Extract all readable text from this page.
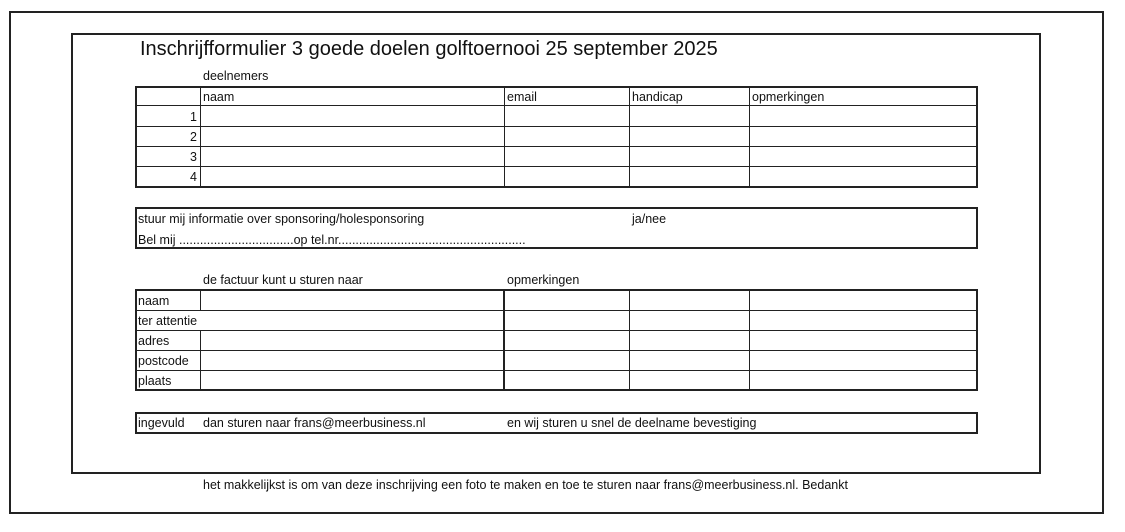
Inschrijfformulier 3 goede doelen golftoernooi 25 september 2025
deelnemers
naam	email	handicap	opmerkingen
1
2
3
4
stuur mij informatie over sponsoring/holesponsoring	ja/nee
Bel mij .................................op tel.nr......................................................
de factuur kunt u sturen naar	opmerkingen
naam
ter attentie
adres
postcode
plaats
ingevuld dan sturen naar frans@meerbusiness.nl	en wij sturen u snel de deelname bevestiging
het makkelijkst is om van deze inschrijving een foto te maken en toe te sturen naar frans@meerbusiness.nl. Bedankt
